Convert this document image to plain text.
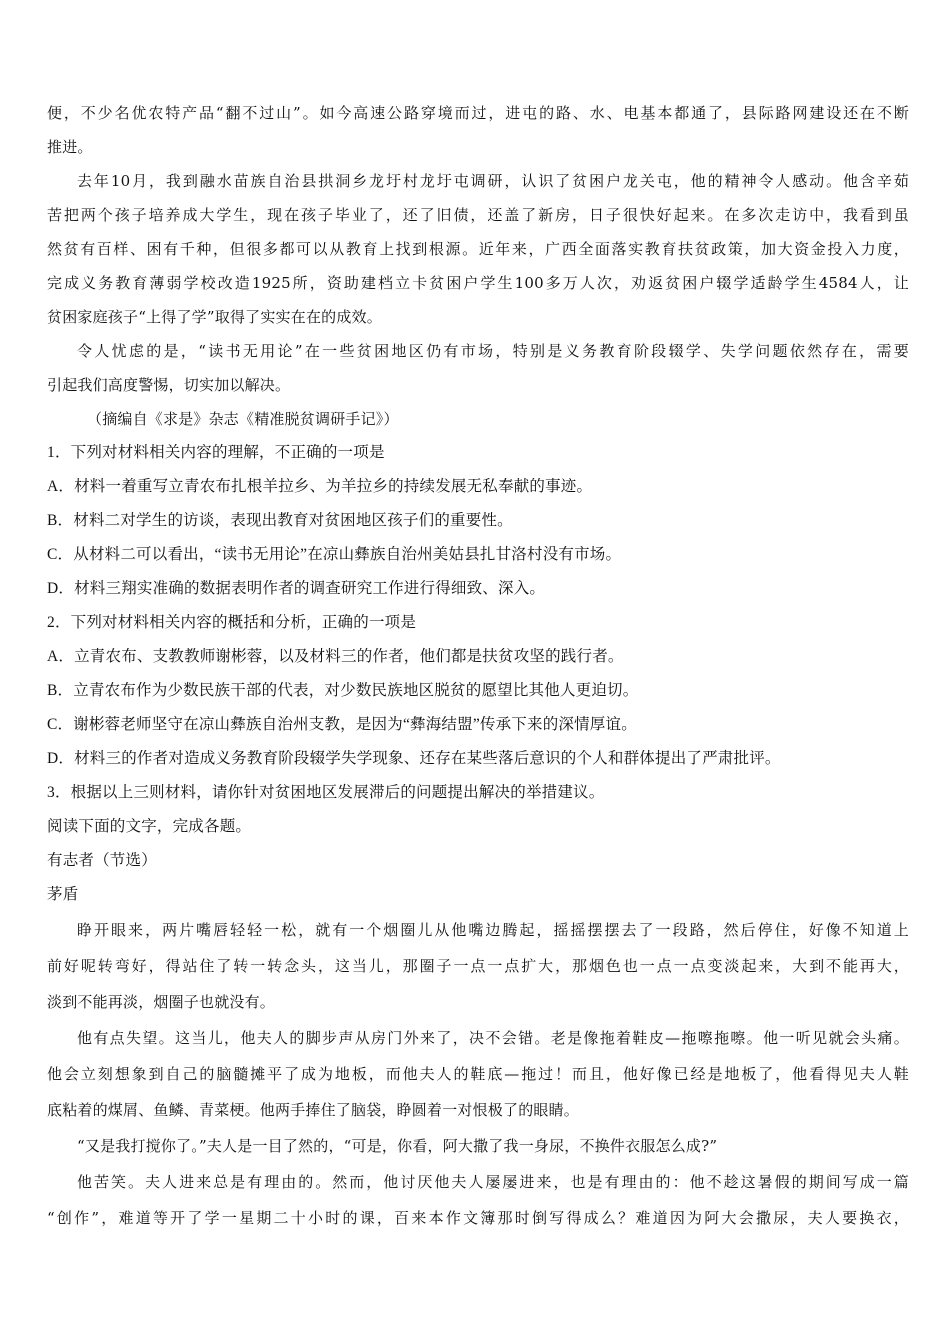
便，不少名优农特产品“翻不过山”。如今高速公路穿境而过，进屯的路、水、电基本都通了，县际路网建设还在不断
推进。
去年10月，我到融水苗族自治县拱洞乡龙圩村龙圩屯调研，认识了贫困户龙关屯，他的精神令人感动。他含辛茹
苦把两个孩子培养成大学生，现在孩子毕业了，还了旧债，还盖了新房，日子很快好起来。在多次走访中，我看到虽
然贫有百样、困有千种，但很多都可以从教育上找到根源。近年来，广西全面落实教育扶贫政策，加大资金投入力度，
完成义务教育薄弱学校改造1925所，资助建档立卡贫困户学生100多万人次，劝返贫困户辍学适龄学生4584人，让
贫困家庭孩子“上得了学”取得了实实在在的成效。
令人忧虑的是，“读书无用论”在一些贫困地区仍有市场，特别是义务教育阶段辍学、失学问题依然存在，需要
引起我们高度警惕，切实加以解决。
（摘编自《求是》杂志《精准脱贫调研手记》）
1．下列对材料相关内容的理解，不正确的一项是
A．材料一着重写立青农布扎根羊拉乡、为羊拉乡的持续发展无私奉献的事迹。
B．材料二对学生的访谈，表现出教育对贫困地区孩子们的重要性。
C．从材料二可以看出，“读书无用论”在凉山彝族自治州美姑县扎甘洛村没有市场。
D．材料三翔实准确的数据表明作者的调查研究工作进行得细致、深入。
2．下列对材料相关内容的概括和分析，正确的一项是
A．立青农布、支教教师谢彬蓉，以及材料三的作者，他们都是扶贫攻坚的践行者。
B．立青农布作为少数民族干部的代表，对少数民族地区脱贫的愿望比其他人更迫切。
C．谢彬蓉老师坚守在凉山彝族自治州支教，是因为“彝海结盟”传承下来的深情厚谊。
D．材料三的作者对造成义务教育阶段辍学失学现象、还存在某些落后意识的个人和群体提出了严肃批评。
3．根据以上三则材料，请你针对贫困地区发展滞后的问题提出解决的举措建议。
阅读下面的文字，完成各题。
有志者（节选）
茅盾
睁开眼来，两片嘴唇轻轻一松，就有一个烟圈儿从他嘴边腾起，摇摇摆摆去了一段路，然后停住，好像不知道上
前好呢转弯好，得站住了转一转念头，这当儿，那圈子一点一点扩大，那烟色也一点一点变淡起来，大到不能再大，
淡到不能再淡，烟圈子也就没有。
他有点失望。这当儿，他夫人的脚步声从房门外来了，决不会错。老是像拖着鞋皮—拖嚓拖嚓。他一听见就会头痛。
他会立刻想象到自己的脑髓摊平了成为地板，而他夫人的鞋底—拖过！而且，他好像已经是地板了，他看得见夫人鞋
底粘着的煤屑、鱼鳞、青菜梗。他两手捧住了脑袋，睁圆着一对恨极了的眼睛。
“又是我打搅你了。”夫人是一目了然的，“可是，你看，阿大撒了我一身尿，不换件衣服怎么成?”
他苦笑。夫人进来总是有理由的。然而，他讨厌他夫人屡屡进来，也是有理由的：他不趁这暑假的期间写成一篇
“创作”，难道等开了学一星期二十小时的课，百来本作文簿那时倒写得成么？难道因为阿大会撒尿，夫人要换衣，
